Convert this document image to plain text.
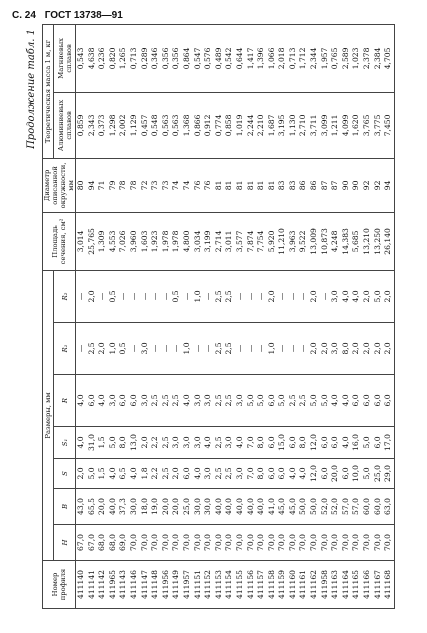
С. 24 ГОСТ 13738—91
Продолжение табл. 1
Номер профиля	Размеры, мм							Площадь сечения, см²	Диаметр описанной окружности, мм	Теоретическая масса 1 м, кг	
	H	B	S	S₁	R	R₁	R₂			Алюминиевых сплавов	Магниевых сплавов
411140	67,0	43,0	2,0	4,0	4,0	—	—	3,014	80	0,859	0,543
411141	67,0	65,5	5,0	31,0	6,0	2,5	2,0	25,765	94	2,343	4,638
411142	68,0	20,0	1,5	1,5	4,0	2,0	—	1,309	71	0,373	0,236
411965	68,0	40,0	4,0	5,0	3,0	1,0	0,5	4,553	79	1,298	0,820
411143	69,0	37,3	6,5	8,0	6,0	0,5	—	7,026	78	2,002	1,265
411146	70,0	30,0	4,0	13,0	6,0	—	—	3,960	78	1,129	0,713
411147	70,0	18,0	1,8	2,0	3,0	3,0	—	1,603	72	0,457	0,289
411148	70,0	19,0	2,2	2,2	2,5	—	—	1,923	73	0,548	0,346
411956	70,0	20,0	2,5	2,5	2,5	—	—	1,978	73	0,563	0,356
411149	70,0	20,0	2,0	3,0	2,5	—	0,5	1,978	74	0,563	0,356
411957	70,0	25,0	6,0	3,0	4,0	1,0	—	4,800	74	1,368	0,864
411151	70,0	30,0	4,0	3,0	3,0	—	1,0	3,034	76	0,866	0,547
411152	70,0	30,0	3,0	4,0	3,0	—	—	3,199	76	0,912	0,576
411153	70,0	40,0	2,5	2,5	2,5	2,5	2,5	2,714	81	0,774	0,489
411154	70,0	40,0	2,5	3,0	2,5	2,5	2,5	3,011	81	0,858	0,542
411155	70,0	40,0	3,0	4,0	3,0	—	—	3,577	81	1,019	0,644
411156	70,0	40,0	7,0	7,0	5,0	—	—	7,874	81	2,244	1,417
411157	70,0	40,0	8,0	8,0	5,0	—	—	7,754	81	2,210	1,396
411158	70,0	41,0	6,0	6,0	6,0	1,0	2,0	5,920	81	1,687	1,066
411159	70,0	45,0	6,0	15,0	5,0	—	—	11,210	83	3,195	2,018
411160	70,0	45,0	4,0	6,0	2,5	—	—	3,963	83	1,130	0,713
411161	70,0	50,0	4,0	8,0	2,5	—	—	9,522	86	2,710	1,712
411162	70,0	50,0	12,0	12,0	5,0	2,0	2,0	13,009	86	3,711	2,344
411958	70,0	52,0	6,0	6,0	5,0	2,0	—	10,873	87	3,099	1,957
411163	70,0	52,0	20,0	6,0	4,0	3,0	3,0	4,248	87	1,211	0,765
411164	70,0	57,0	6,0	4,0	4,0	8,0	4,0	14,383	90	4,099	2,589
411165	70,0	57,0	10,0	16,0	6,0	2,0	4,0	5,685	90	1,620	1,023
411166	70,0	60,0	5,0	5,0	6,0	2,0	2,0	13,210	92	3,765	2,378
411167	70,0	60,0	25,0	6,0	6,0	2,0	5,0	13,250	92	3,775	2,384
411168	70,0	63,0	29,0	17,0	6,0	2,0	2,0	26,140	94	7,450	4,705
